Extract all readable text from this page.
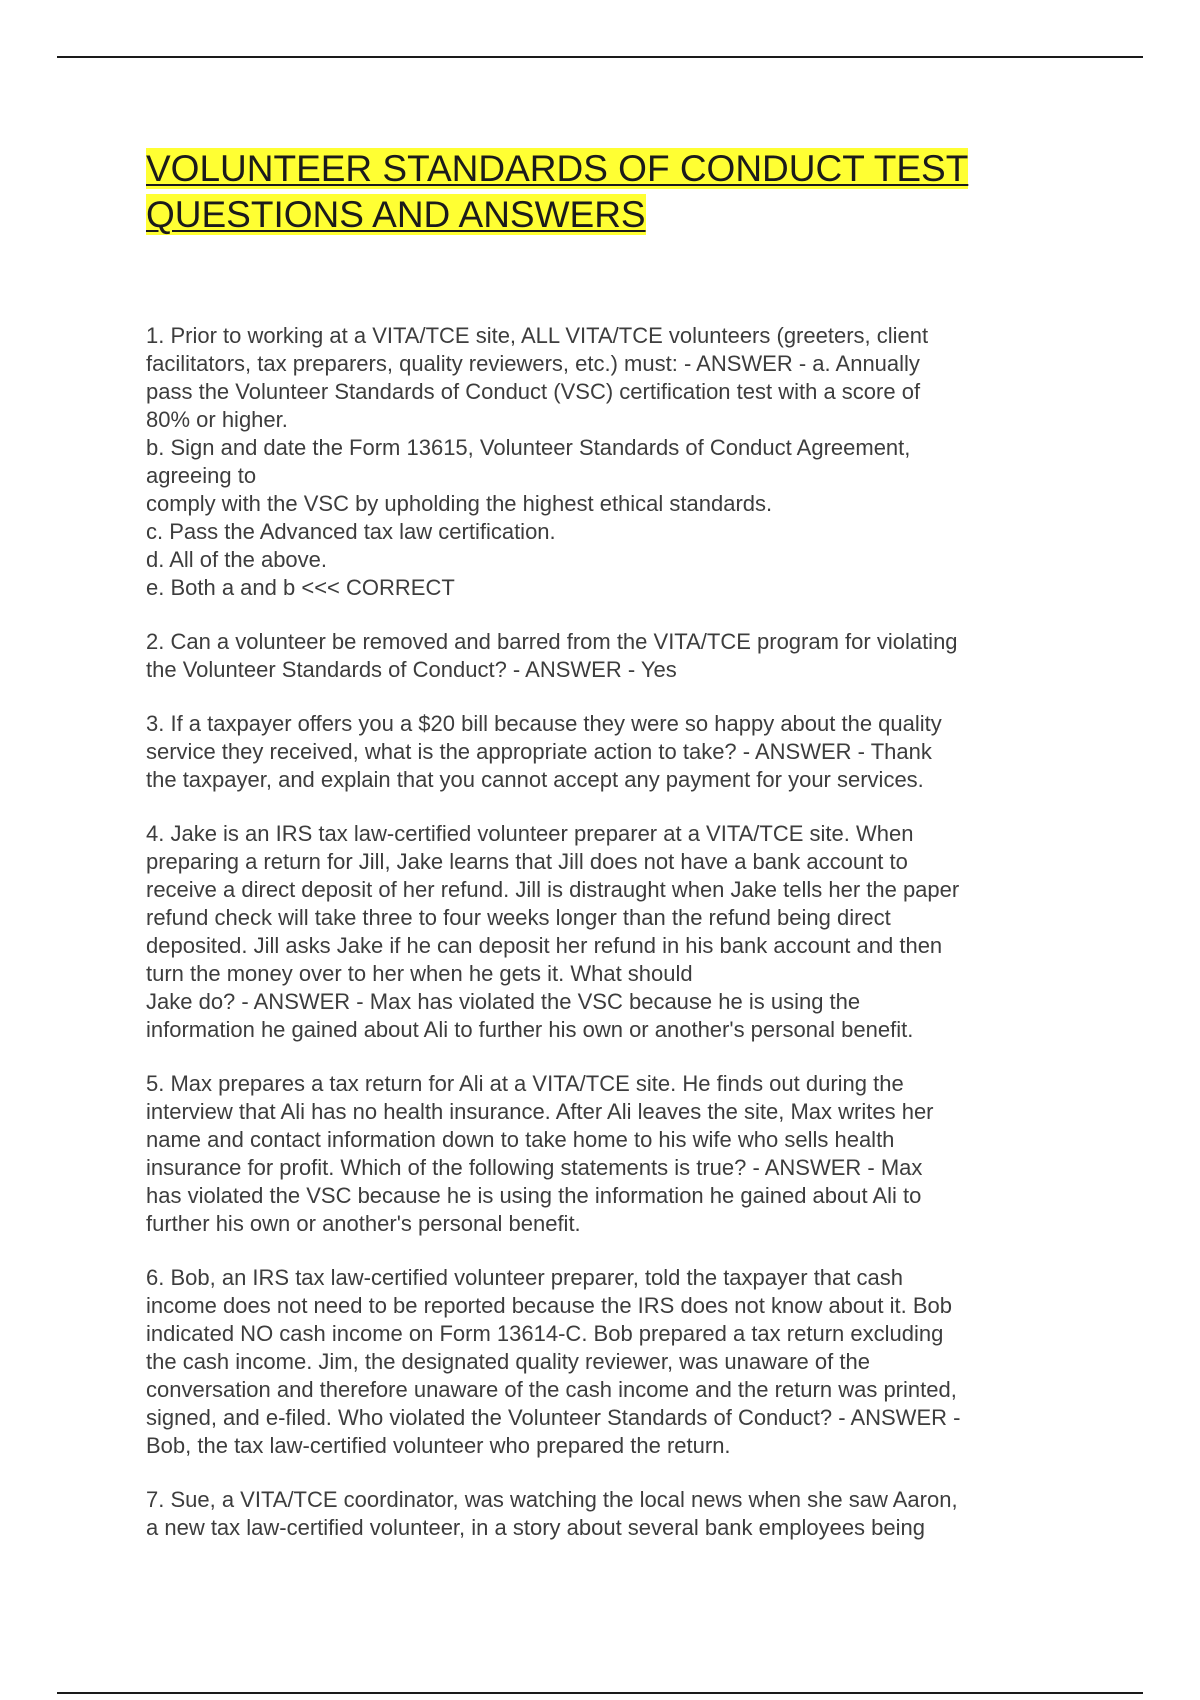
VOLUNTEER STANDARDS OF CONDUCT TEST
QUESTIONS AND ANSWERS
1. Prior to working at a VITA/TCE site, ALL VITA/TCE volunteers (greeters, client
facilitators, tax preparers, quality reviewers, etc.) must: - ANSWER - a. Annually
pass the Volunteer Standards of Conduct (VSC) certification test with a score of
80% or higher.
b. Sign and date the Form 13615, Volunteer Standards of Conduct Agreement,
agreeing to
comply with the VSC by upholding the highest ethical standards.
c. Pass the Advanced tax law certification.
d. All of the above.
e. Both a and b <<< CORRECT
2. Can a volunteer be removed and barred from the VITA/TCE program for violating
the Volunteer Standards of Conduct? - ANSWER - Yes
3. If a taxpayer offers you a $20 bill because they were so happy about the quality
service they received, what is the appropriate action to take? - ANSWER - Thank
the taxpayer, and explain that you cannot accept any payment for your services.
4. Jake is an IRS tax law-certified volunteer preparer at a VITA/TCE site. When
preparing a return for Jill, Jake learns that Jill does not have a bank account to
receive a direct deposit of her refund. Jill is distraught when Jake tells her the paper
refund check will take three to four weeks longer than the refund being direct
deposited. Jill asks Jake if he can deposit her refund in his bank account and then
turn the money over to her when he gets it. What should
Jake do? - ANSWER - Max has violated the VSC because he is using the
information he gained about Ali to further his own or another's personal benefit.
5. Max prepares a tax return for Ali at a VITA/TCE site. He finds out during the
interview that Ali has no health insurance. After Ali leaves the site, Max writes her
name and contact information down to take home to his wife who sells health
insurance for profit. Which of the following statements is true? - ANSWER - Max
has violated the VSC because he is using the information he gained about Ali to
further his own or another's personal benefit.
6. Bob, an IRS tax law-certified volunteer preparer, told the taxpayer that cash
income does not need to be reported because the IRS does not know about it. Bob
indicated NO cash income on Form 13614-C. Bob prepared a tax return excluding
the cash income. Jim, the designated quality reviewer, was unaware of the
conversation and therefore unaware of the cash income and the return was printed,
signed, and e-filed. Who violated the Volunteer Standards of Conduct? - ANSWER -
Bob, the tax law-certified volunteer who prepared the return.
7. Sue, a VITA/TCE coordinator, was watching the local news when she saw Aaron,
a new tax law-certified volunteer, in a story about several bank employees being
